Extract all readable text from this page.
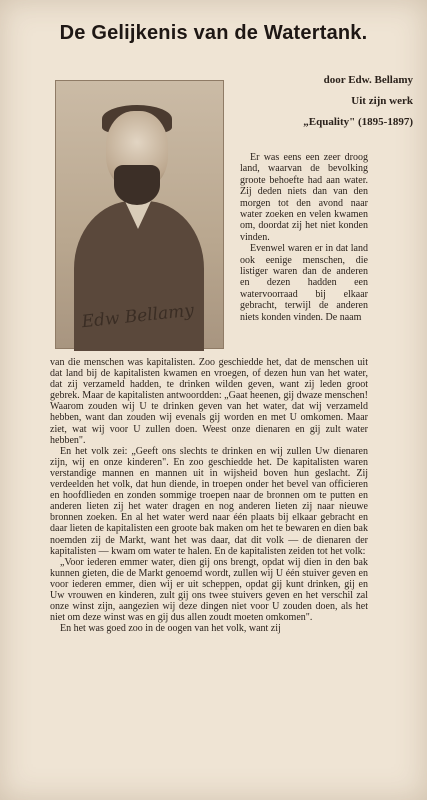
De Gelijkenis van de Watertank.
Edw Bellamy
door Edw. Bellamy
Uit zijn werk
„Equality" (1895-1897)

Er was eens een zeer droog land, waarvan de bevolking groote behoefte had aan water. Zij deden niets dan van den morgen tot den avond naar water zoeken en velen kwamen om, doordat zij het niet konden vinden.

Evenwel waren er in dat land ook eenige menschen, die listiger waren dan de anderen en dezen hadden een watervoorraad bij elkaar gebracht, terwijl de anderen niets konden vinden. De naam

van die menschen was kapitalisten. Zoo geschiedde het, dat de menschen uit dat land bij de kapitalisten kwamen en vroegen, of dezen hun van het water, dat zij verzameld hadden, te drinken wilden geven, want zij leden groot gebrek. Maar de kapitalisten antwoordden: „Gaat heenen, gij dwaze menschen! Waarom zouden wij U te drinken geven van het water, dat wij verzameld hebben, want dan zouden wij evenals gij worden en met U omkomen. Maar ziet, wat wij voor U zullen doen. Weest onze dienaren en gij zult water hebben".

En het volk zei: „Geeft ons slechts te drinken en wij zullen Uw dienaren zijn, wij en onze kinderen". En zoo geschiedde het. De kapitalisten waren verstandige mannen en mannen uit in wijsheid boven hun geslacht. Zij verdeelden het volk, dat hun diende, in troepen onder het bevel van officieren en hoofdlieden en zonden sommige troepen naar de bronnen om te putten en anderen lieten zij het water dragen en nog anderen lieten zij naar nieuwe bronnen zoeken. En al het water werd naar één plaats bij elkaar gebracht en daar lieten de kapitalisten een groote bak maken om het te bewaren en dien bak noemden zij de Markt, want het was daar, dat dit volk — de dienaren der kapitalisten — kwam om water te halen. En de kapitalisten zeiden tot het volk:

„Voor iederen emmer water, dien gij ons brengt, opdat wij dien in den bak kunnen gieten, die de Markt genoemd wordt, zullen wij U één stuiver geven en voor iederen emmer, dien wij er uit scheppen, opdat gij kunt drinken, gij en Uw vrouwen en kinderen, zult gij ons twee stuivers geven en het verschil zal onze winst zijn, aangezien wij deze dingen niet voor U zouden doen, als het niet om deze winst was en gij dus allen zoudt moeten omkomen".

En het was goed zoo in de oogen van het volk, want zij
